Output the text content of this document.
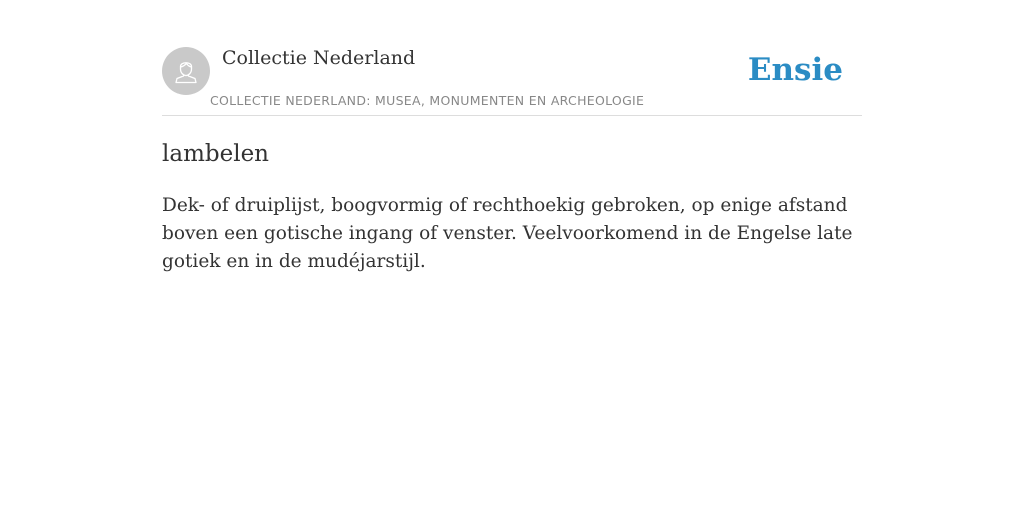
Collectie Nederland
COLLECTIE NEDERLAND: MUSEA, MONUMENTEN EN ARCHEOLOGIE
Ensie
lambelen
Dek- of druiplijst, boogvormig of rechthoekig gebroken, op enige afstand boven een gotische ingang of venster. Veelvoorkomend in de Engelse late gotiek en in de mudéjarstijl.
